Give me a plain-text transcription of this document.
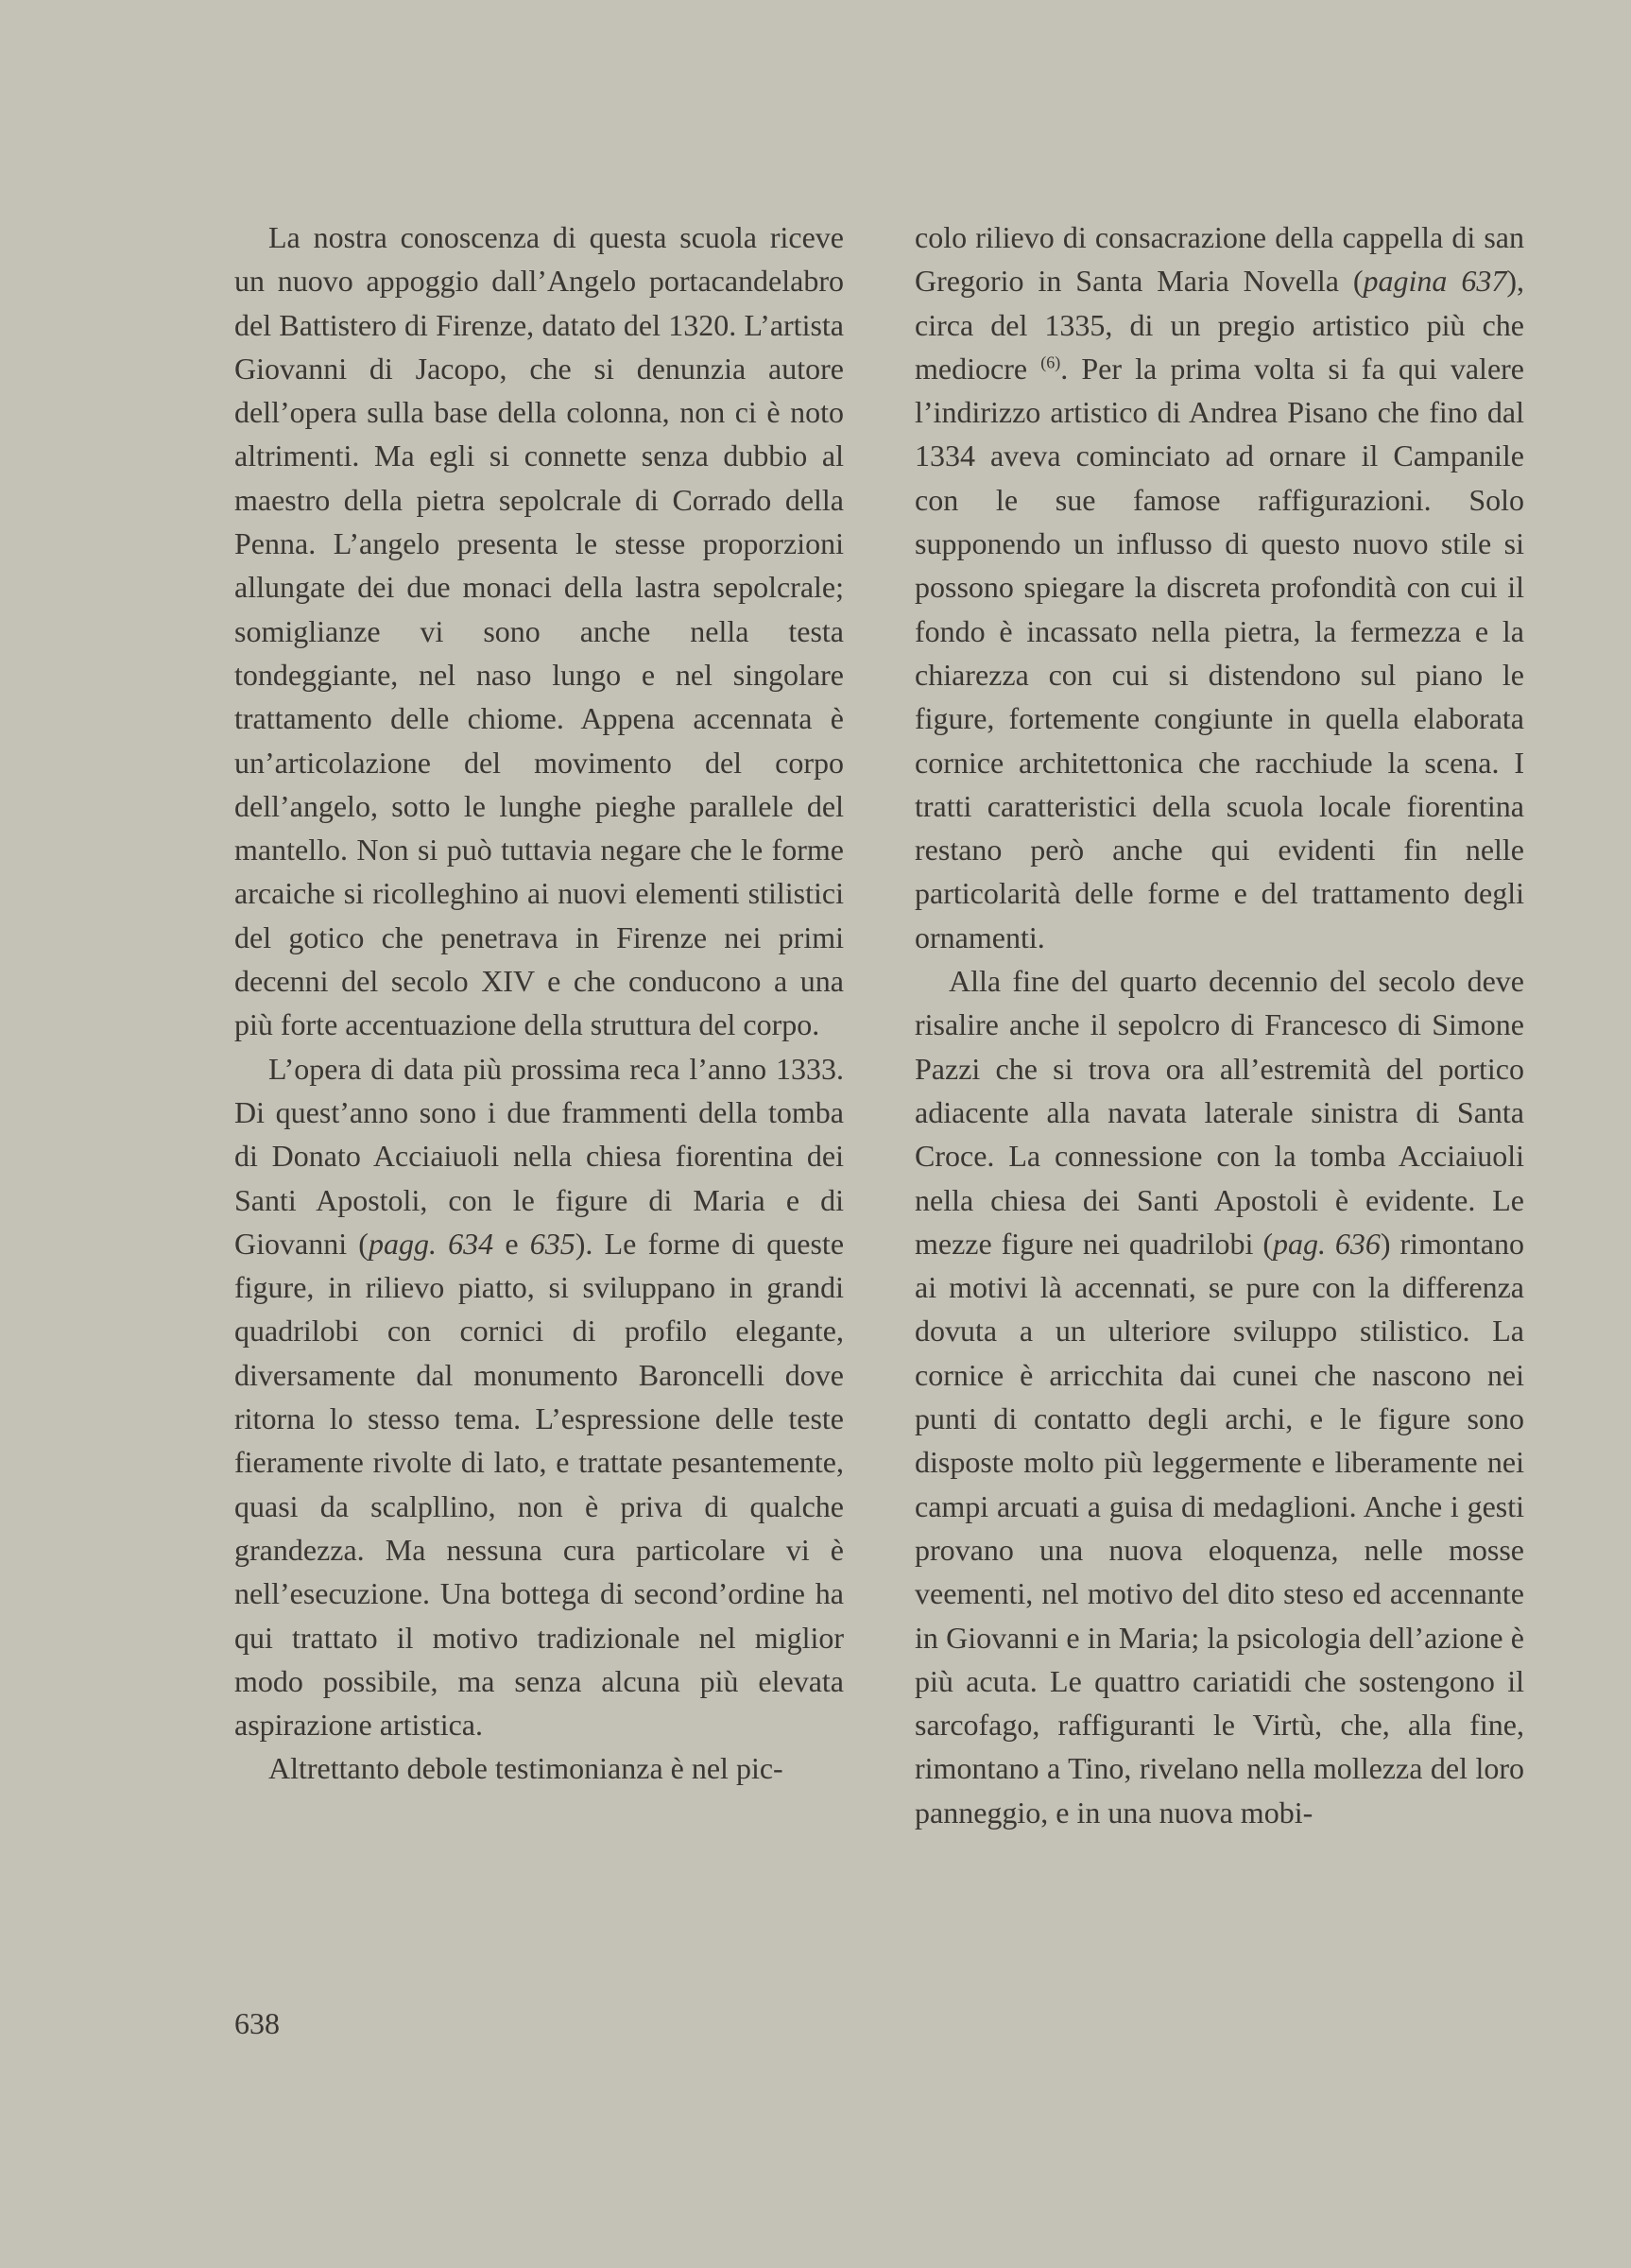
La nostra conoscenza di questa scuola riceve un nuovo appoggio dall’Angelo portacandelabro del Battistero di Firenze, datato del 1320. L’artista Giovanni di Jacopo, che si denunzia autore dell’opera sulla base della colonna, non ci è noto altrimenti. Ma egli si connette senza dubbio al maestro della pietra sepolcrale di Corrado della Penna. L’angelo presenta le stesse proporzioni allungate dei due monaci della lastra sepolcrale; somiglianze vi sono anche nella testa tondeggiante, nel naso lungo e nel singolare trattamento delle chiome. Appena accennata è un’articolazione del movimento del corpo dell’angelo, sotto le lunghe pieghe parallele del mantello. Non si può tuttavia negare che le forme arcaiche si ricolleghino ai nuovi elementi stilistici del gotico che penetrava in Firenze nei primi decenni del secolo XIV e che conducono a una più forte accentuazione della struttura del corpo.

L’opera di data più prossima reca l’anno 1333. Di quest’anno sono i due frammenti della tomba di Donato Acciaiuoli nella chiesa fiorentina dei Santi Apostoli, con le figure di Maria e di Giovanni (pagg. 634 e 635). Le forme di queste figure, in rilievo piatto, si sviluppano in grandi quadrilobi con cornici di profilo elegante, diversamente dal monumento Baroncelli dove ritorna lo stesso tema. L’espressione delle teste fieramente rivolte di lato, e trattate pesantemente, quasi da scalpllino, non è priva di qualche grandezza. Ma nessuna cura particolare vi è nell’esecuzione. Una bottega di second’ordine ha qui trattato il motivo tradizionale nel miglior modo possibile, ma senza alcuna più elevata aspirazione artistica.

Altrettanto debole testimonianza è nel pic-

colo rilievo di consacrazione della cappella di san Gregorio in Santa Maria Novella (pagina 637), circa del 1335, di un pregio artistico più che mediocre $^{(6)}$. Per la prima volta si fa qui valere l’indirizzo artistico di Andrea Pisano che fino dal 1334 aveva cominciato ad ornare il Campanile con le sue famose raffigurazioni. Solo supponendo un influsso di questo nuovo stile si possono spiegare la discreta profondità con cui il fondo è incassato nella pietra, la fermezza e la chiarezza con cui si distendono sul piano le figure, fortemente congiunte in quella elaborata cornice architettonica che racchiude la scena. I tratti caratteristici della scuola locale fiorentina restano però anche qui evidenti fin nelle particolarità delle forme e del trattamento degli ornamenti.

Alla fine del quarto decennio del secolo deve risalire anche il sepolcro di Francesco di Simone Pazzi che si trova ora all’estremità del portico adiacente alla navata laterale sinistra di Santa Croce. La connessione con la tomba Acciaiuoli nella chiesa dei Santi Apostoli è evidente. Le mezze figure nei quadrilobi (pag. 636) rimontano ai motivi là accennati, se pure con la differenza dovuta a un ulteriore sviluppo stilistico. La cornice è arricchita dai cunei che nascono nei punti di contatto degli archi, e le figure sono disposte molto più leggermente e liberamente nei campi arcuati a guisa di medaglioni. Anche i gesti provano una nuova eloquenza, nelle mosse veementi, nel motivo del dito steso ed accennante in Giovanni e in Maria; la psicologia dell’azione è più acuta. Le quattro cariatidi che sostengono il sarcofago, raffiguranti le Virtù, che, alla fine, rimontano a Tino, rivelano nella mollezza del loro panneggio, e in una nuova mobi-

638
